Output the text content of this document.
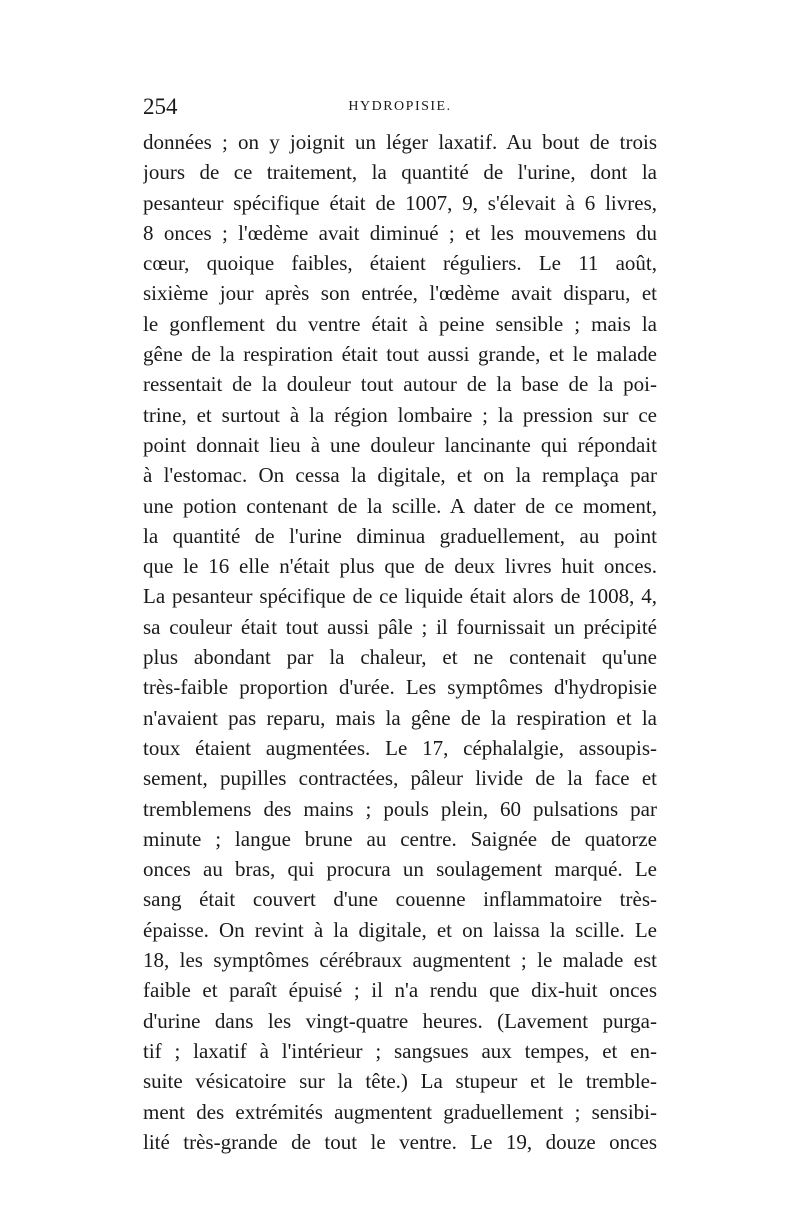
254	HYDROPISIE.
données ; on y joignit un léger laxatif. Au bout de trois
jours de ce traitement, la quantité de l'urine, dont la
pesanteur spécifique était de 1007, 9, s'élevait à 6 livres,
8 onces ; l'œdème avait diminué ; et les mouvemens du
cœur, quoique faibles, étaient réguliers. Le 11 août,
sixième jour après son entrée, l'œdème avait disparu, et
le gonflement du ventre était à peine sensible ; mais la
gêne de la respiration était tout aussi grande, et le malade
ressentait de la douleur tout autour de la base de la poi-
trine, et surtout à la région lombaire ; la pression sur ce
point donnait lieu à une douleur lancinante qui répondait
à l'estomac. On cessa la digitale, et on la remplaça par
une potion contenant de la scille. A dater de ce moment,
la quantité de l'urine diminua graduellement, au point
que le 16 elle n'était plus que de deux livres huit onces.
La pesanteur spécifique de ce liquide était alors de 1008, 4,
sa couleur était tout aussi pâle ; il fournissait un précipité
plus abondant par la chaleur, et ne contenait qu'une
très-faible proportion d'urée. Les symptômes d'hydropisie
n'avaient pas reparu, mais la gêne de la respiration et la
toux étaient augmentées. Le 17, céphalalgie, assoupis-
sement, pupilles contractées, pâleur livide de la face et
tremblemens des mains ; pouls plein, 60 pulsations par
minute ; langue brune au centre. Saignée de quatorze
onces au bras, qui procura un soulagement marqué. Le
sang était couvert d'une couenne inflammatoire très-
épaisse. On revint à la digitale, et on laissa la scille. Le
18, les symptômes cérébraux augmentent ; le malade est
faible et paraît épuisé ; il n'a rendu que dix-huit onces
d'urine dans les vingt-quatre heures. (Lavement purga-
tif ; laxatif à l'intérieur ; sangsues aux tempes, et en-
suite vésicatoire sur la tête.) La stupeur et le tremble-
ment des extrémités augmentent graduellement ; sensibi-
lité très-grande de tout le ventre. Le 19, douze onces
